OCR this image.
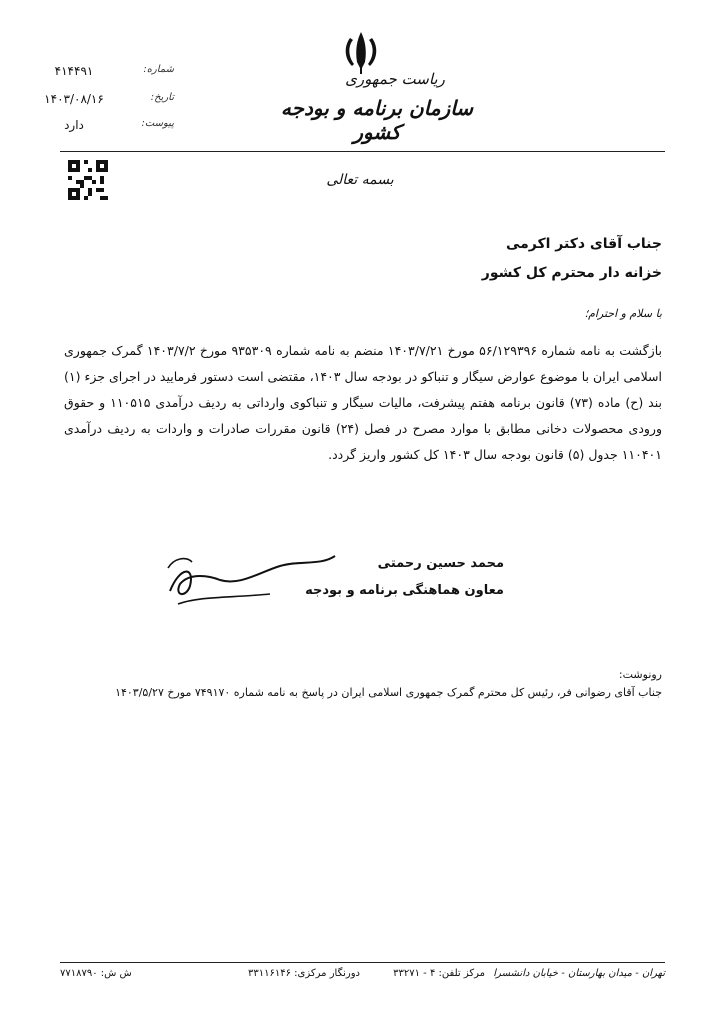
ریاست جمهوری
سازمان برنامه و بودجه کشور
شماره:
۴۱۴۴۹۱
تاریخ:
۱۴۰۳/۰۸/۱۶
پیوست:
دارد
بسمه تعالی
جناب آقای دکتر اکرمی
خزانه دار محترم کل کشور
با سلام و احترام؛
بازگشت به نامه شماره ۵۶/۱۲۹۳۹۶ مورخ ۱۴۰۳/۷/۲۱ منضم به نامه شماره ۹۳۵۳۰۹ مورخ ۱۴۰۳/۷/۲ گمرک جمهوری اسلامی ایران با موضوع عوارض سیگار و تنباکو در بودجه سال ۱۴۰۳، مقتضی است دستور فرمایید در اجرای جزء (۱) بند (ح) ماده (۷۳) قانون برنامه هفتم پیشرفت، مالیات سیگار و تنباکوی وارداتی به ردیف درآمدی ۱۱۰۵۱۵ و حقوق ورودی محصولات دخانی مطابق با موارد مصرح در فصل (۲۴) قانون مقررات صادرات و واردات به ردیف درآمدی ۱۱۰۴۰۱ جدول (۵) قانون بودجه سال ۱۴۰۳ کل کشور واریز گردد.
محمد حسین رحمتی
معاون هماهنگی برنامه و بودجه
رونوشت:
جناب آقای رضوانی فر، رئیس کل محترم گمرک جمهوری اسلامی ایران در پاسخ به نامه شماره ۷۴۹۱۷۰ مورخ ۱۴۰۳/۵/۲۷
تهران - میدان بهارستان - خیابان دانشسرا
مرکز تلفن: ۴ - ۳۳۲۷۱
دورنگار مرکزی: ۳۳۱۱۶۱۴۶
ش ش: ۷۷۱۸۷۹۰
